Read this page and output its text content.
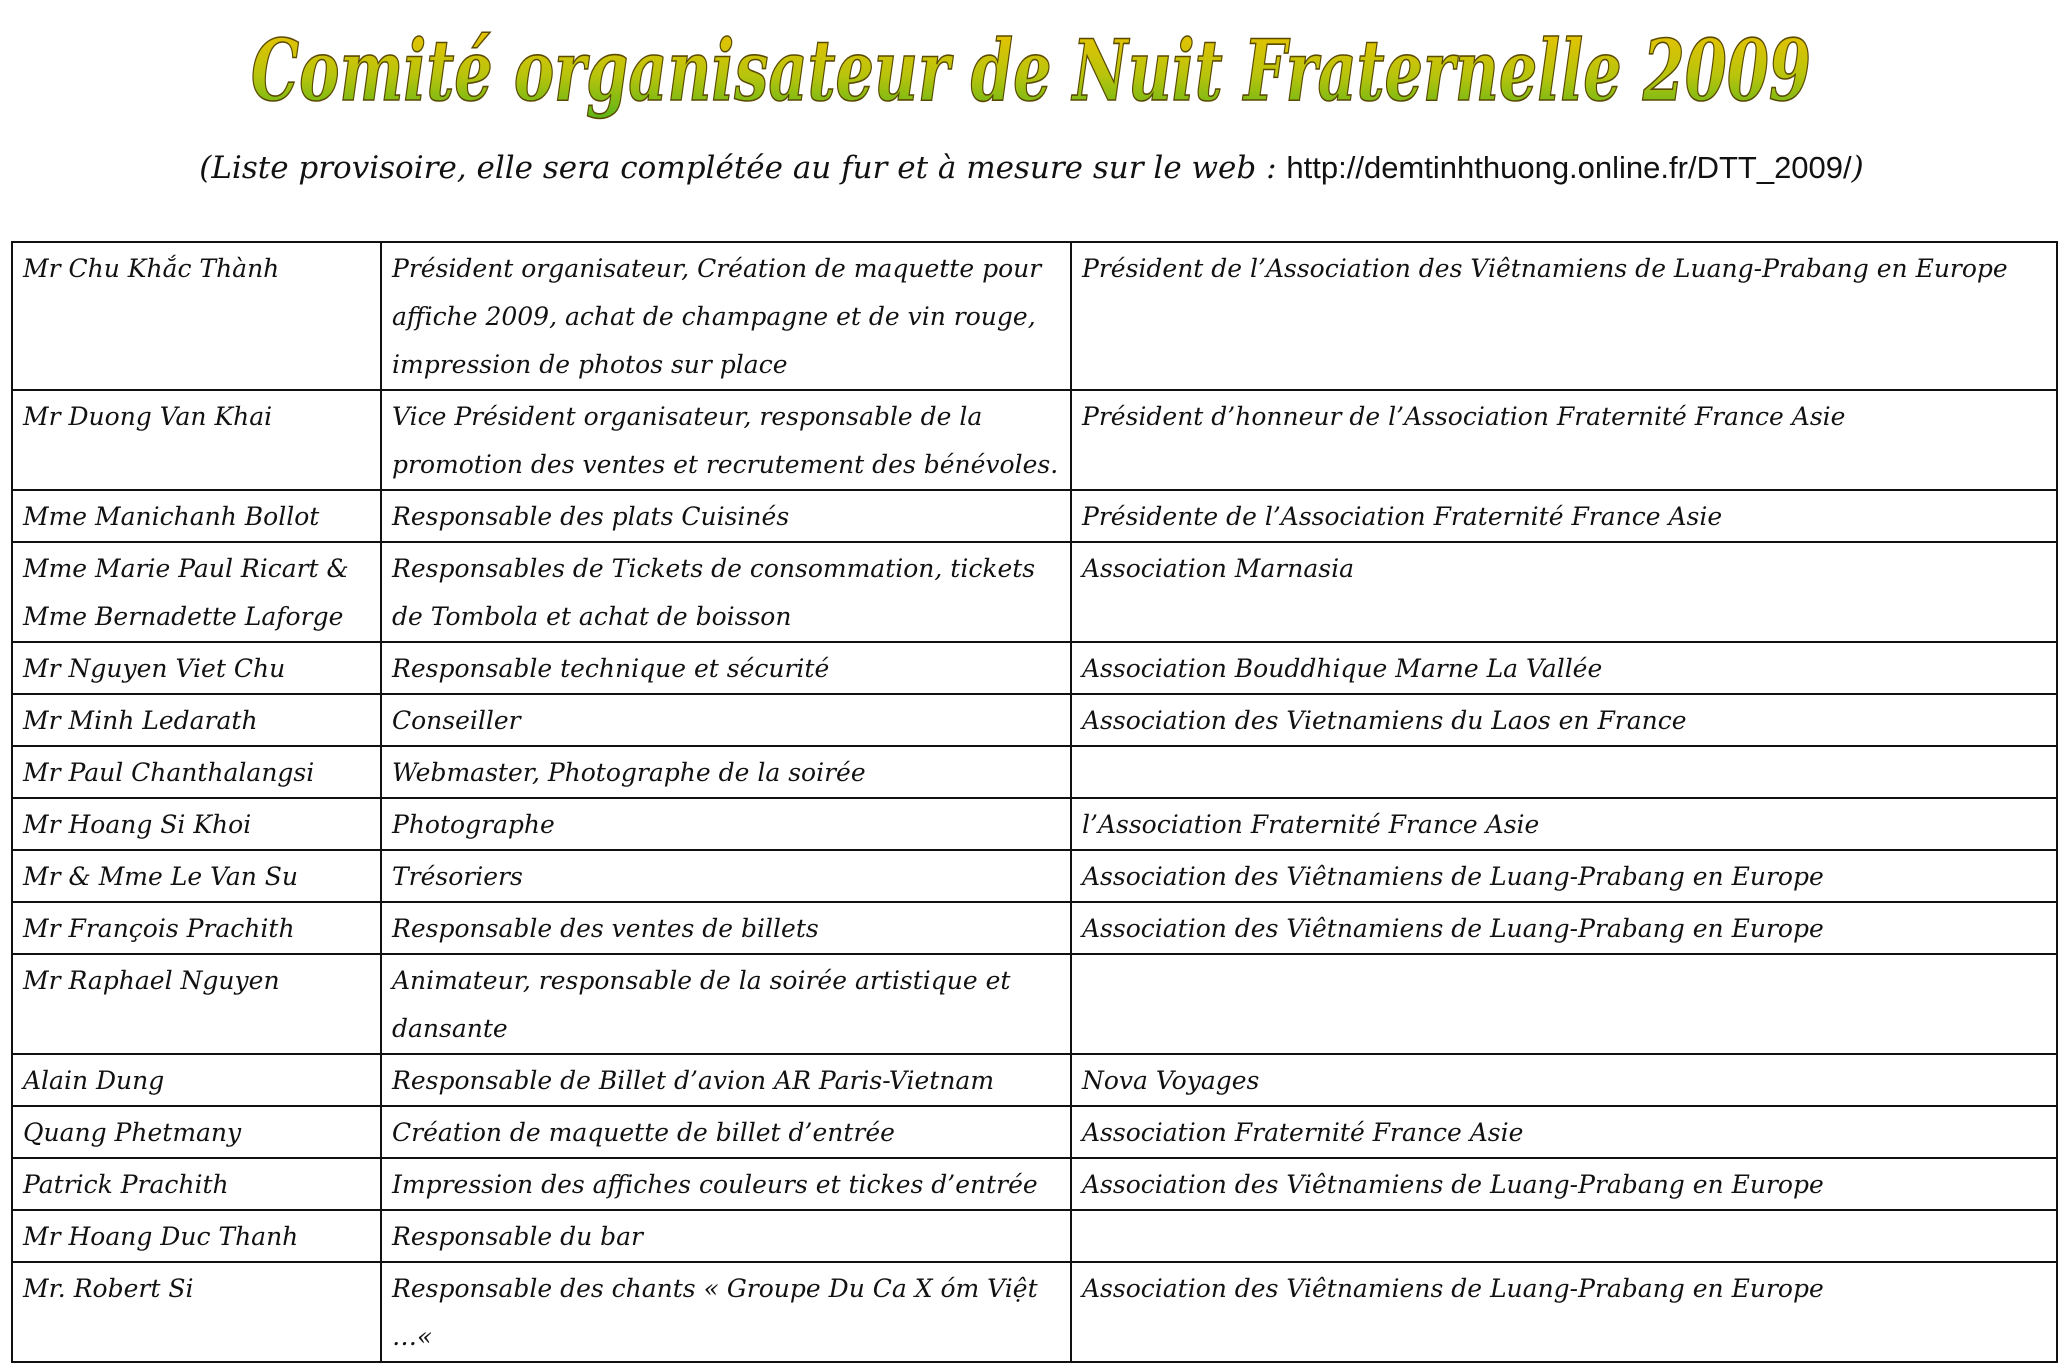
Comité organisateur de Nuit Fraternelle 2009
(Liste provisoire, elle sera complétée au fur et à mesure sur le web : http://demtinhthuong.online.fr/DTT_2009/)
Mr Chu Khắc Thành	Président organisateur, Création de maquette pour affiche 2009, achat de champagne et de vin rouge, impression de photos sur place	Président de l’Association des Viêtnamiens de Luang-Prabang en Europe
Mr Duong Van Khai	Vice Président organisateur, responsable de la promotion des ventes et recrutement des bénévoles.	Président d’honneur de l’Association Fraternité France Asie
Mme Manichanh Bollot	Responsable des plats Cuisinés	Présidente de l’Association Fraternité France Asie
Mme Marie Paul Ricart & Mme Bernadette Laforge	Responsables de Tickets de consommation, tickets de Tombola et achat de boisson	Association Marnasia
Mr Nguyen Viet Chu	Responsable technique et sécurité	Association Bouddhique Marne La Vallée
Mr Minh Ledarath	Conseiller	Association des Vietnamiens du Laos en France
Mr Paul Chanthalangsi	Webmaster, Photographe de la soirée	
Mr Hoang Si Khoi	Photographe	l’Association Fraternité France Asie
Mr & Mme Le Van Su	Trésoriers	Association des Viêtnamiens de Luang-Prabang en Europe
Mr François Prachith	Responsable des ventes de billets	Association des Viêtnamiens de Luang-Prabang en Europe
Mr Raphael Nguyen	Animateur, responsable de la soirée artistique et dansante	
Alain Dung	Responsable de Billet d’avion AR Paris-Vietnam	Nova Voyages
Quang Phetmany	Création de maquette de billet d’entrée	Association Fraternité France Asie
Patrick Prachith	Impression des affiches couleurs et tickes d’entrée	Association des Viêtnamiens de Luang-Prabang en Europe
Mr Hoang Duc Thanh	Responsable du bar	
Mr. Robert Si	Responsable des chants « Groupe Du Ca X óm Việt …«	Association des Viêtnamiens de Luang-Prabang en Europe
